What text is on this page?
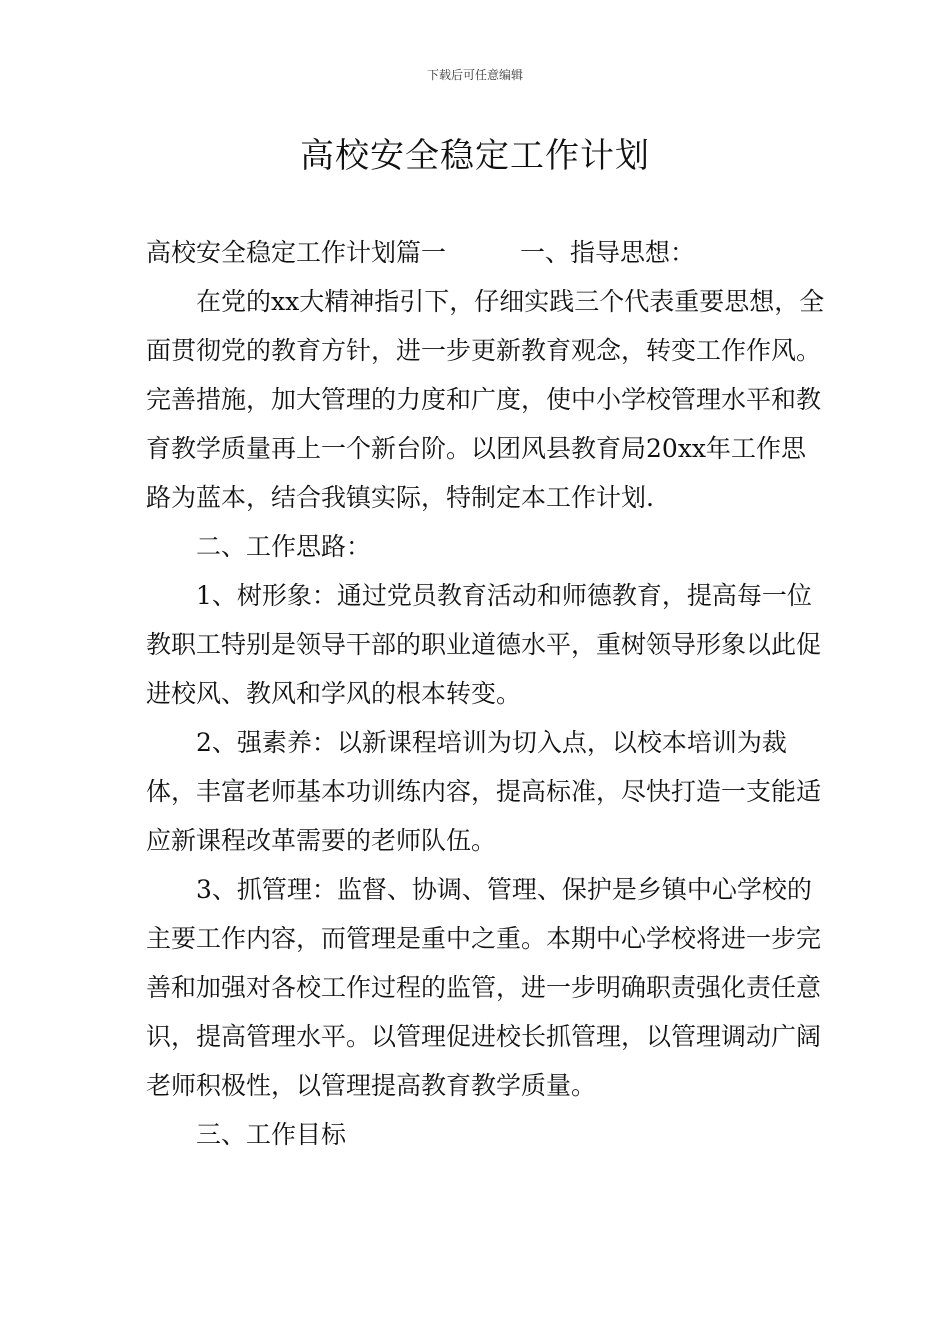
下载后可任意编辑
高校安全稳定工作计划

高校安全稳定工作计划篇一	一、指导思想：

在党的xx大精神指引下，仔细实践三个代表重要思想，全面贯彻党的教育方针，进一步更新教育观念，转变工作作风。完善措施，加大管理的力度和广度，使中小学校管理水平和教育教学质量再上一个新台阶。以团风县教育局20xx年工作思路为蓝本，结合我镇实际，特制定本工作计划.

二、工作思路：

1、树形象：通过党员教育活动和师德教育，提高每一位教职工特别是领导干部的职业道德水平，重树领导形象以此促进校风、教风和学风的根本转变。

2、强素养：以新课程培训为切入点，以校本培训为裁体，丰富老师基本功训练内容，提高标准，尽快打造一支能适应新课程改革需要的老师队伍。

3、抓管理：监督、协调、管理、保护是乡镇中心学校的主要工作内容，而管理是重中之重。本期中心学校将进一步完善和加强对各校工作过程的监管，进一步明确职责强化责任意识，提高管理水平。以管理促进校长抓管理，以管理调动广阔老师积极性，以管理提高教育教学质量。

三、工作目标
